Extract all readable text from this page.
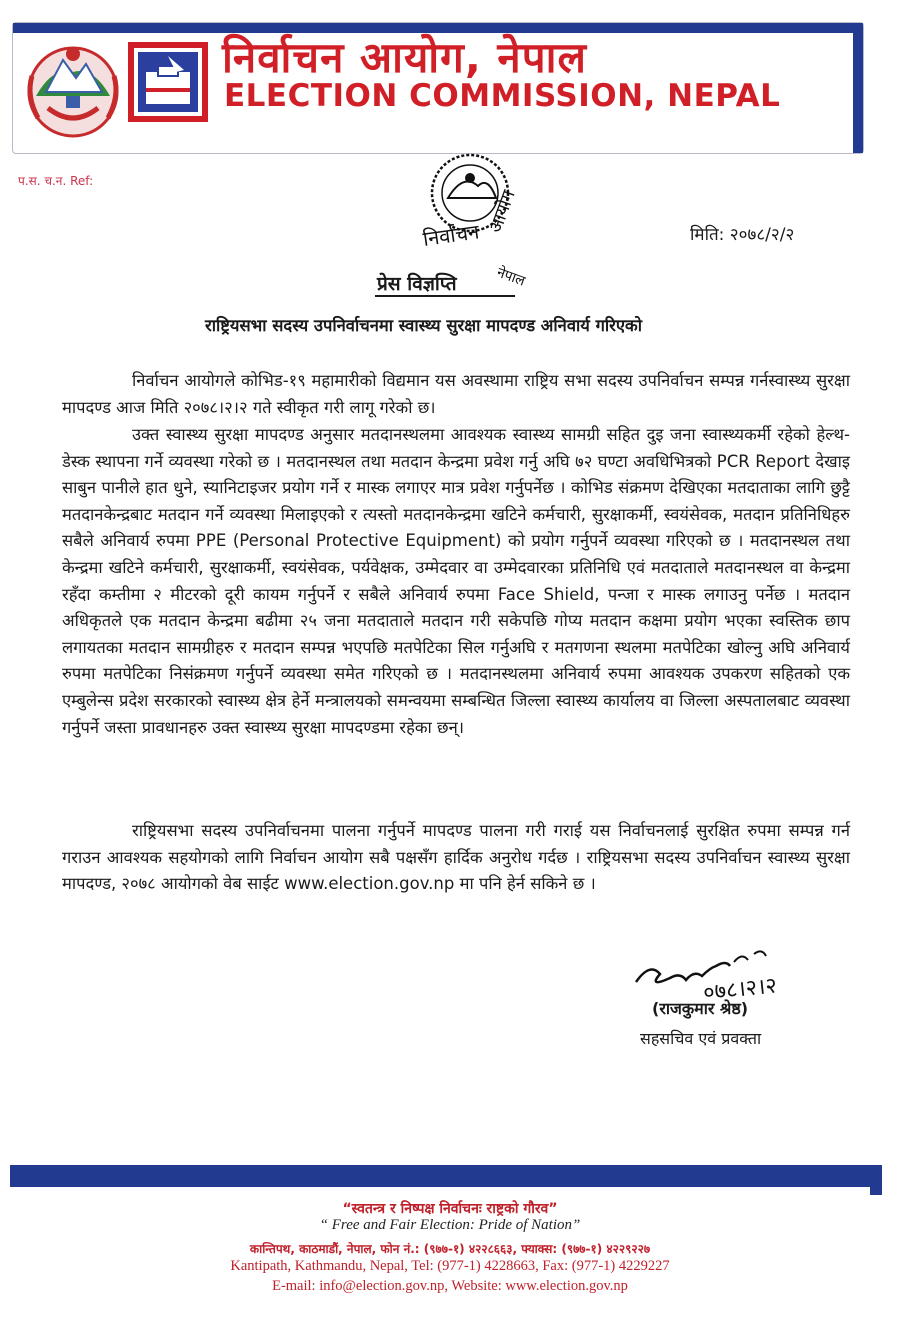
निर्वाचन आयोग, नेपाल
ELECTION COMMISSION, NEPAL
प.स. च.न. Ref:
निर्वाचन आयोग
नेपाल
मिति: २०७८/२/२
प्रेस विज्ञप्ति
राष्ट्रियसभा सदस्य उपनिर्वाचनमा स्वास्थ्य सुरक्षा मापदण्ड अनिवार्य गरिएको

निर्वाचन आयोगले कोभिड-१९ महामारीको विद्यमान यस अवस्थामा राष्ट्रिय सभा सदस्य उपनिर्वाचन सम्पन्न गर्नस्वास्थ्य सुरक्षा मापदण्ड आज मिति २०७८।२।२ गते स्वीकृत गरी लागू गरेको छ।

उक्त स्वास्थ्य सुरक्षा मापदण्ड अनुसार मतदानस्थलमा आवश्यक स्वास्थ्य सामग्री सहित दुइ जना स्वास्थ्यकर्मी रहेको हेल्थ-डेस्क स्थापना गर्ने व्यवस्था गरेको छ । मतदानस्थल तथा मतदान केन्द्रमा प्रवेश गर्नु अघि ७२ घण्टा अवधिभित्रको PCR Report देखाइ साबुन पानीले हात धुने, स्यानिटाइजर प्रयोग गर्ने र मास्क लगाएर मात्र प्रवेश गर्नुपर्नेछ । कोभिड संक्रमण देखिएका मतदाताका लागि छुट्टै मतदानकेन्द्रबाट मतदान गर्ने व्यवस्था मिलाइएको र त्यस्तो मतदानकेन्द्रमा खटिने कर्मचारी, सुरक्षाकर्मी, स्वयंसेवक, मतदान प्रतिनिधिहरु सबैले अनिवार्य रुपमा PPE (Personal Protective Equipment) को प्रयोग गर्नुपर्ने व्यवस्था गरिएको छ । मतदानस्थल तथा केन्द्रमा खटिने कर्मचारी, सुरक्षाकर्मी, स्वयंसेवक, पर्यवेक्षक, उम्मेदवार वा उम्मेदवारका प्रतिनिधि एवं मतदाताले मतदानस्थल वा केन्द्रमा रहँदा कम्तीमा २ मीटरको दूरी कायम गर्नुपर्ने र सबैले अनिवार्य रुपमा Face Shield, पन्जा र मास्क लगाउनु पर्नेछ । मतदान अधिकृतले एक मतदान केन्द्रमा बढीमा २५ जना मतदाताले मतदान गरी सकेपछि गोप्य मतदान कक्षमा प्रयोग भएका स्वस्तिक छाप लगायतका मतदान सामग्रीहरु र मतदान सम्पन्न भएपछि मतपेटिका सिल गर्नुअघि र मतगणना स्थलमा मतपेटिका खोल्नु अघि अनिवार्य रुपमा मतपेटिका निसंक्रमण गर्नुपर्ने व्यवस्था समेत गरिएको छ । मतदानस्थलमा अनिवार्य रुपमा आवश्यक उपकरण सहितको एक एम्बुलेन्स प्रदेश सरकारको स्वास्थ्य क्षेत्र हेर्ने मन्त्रालयको समन्वयमा सम्बन्धित जिल्ला स्वास्थ्य कार्यालय वा जिल्ला अस्पतालबाट व्यवस्था गर्नुपर्ने जस्ता प्रावधानहरु उक्त स्वास्थ्य सुरक्षा मापदण्डमा रहेका छन्।

राष्ट्रियसभा सदस्य उपनिर्वाचनमा पालना गर्नुपर्ने मापदण्ड पालना गरी गराई यस निर्वाचनलाई सुरक्षित रुपमा सम्पन्न गर्न गराउन आवश्यक सहयोगको लागि निर्वाचन आयोग सबै पक्षसँग हार्दिक अनुरोध गर्दछ । राष्ट्रियसभा सदस्य उपनिर्वाचन स्वास्थ्य सुरक्षा मापदण्ड, २०७८ आयोगको वेब साईट www.election.gov.np मा पनि हेर्न सकिने छ ।

०७८।२।२
(राजकुमार श्रेष्ठ)
सहसचिव एवं प्रवक्ता
“स्वतन्त्र र निष्पक्ष निर्वाचनः राष्ट्रको गौरव”
“ Free and Fair Election: Pride of Nation”
कान्तिपथ, काठमाडौं, नेपाल, फोन नं.: (९७७-१) ४२२८६६३, फ्याक्स: (९७७-१) ४२२९२२७
Kantipath, Kathmandu, Nepal, Tel: (977-1) 4228663, Fax: (977-1) 4229227
E-mail: info@election.gov.np, Website: www.election.gov.np
